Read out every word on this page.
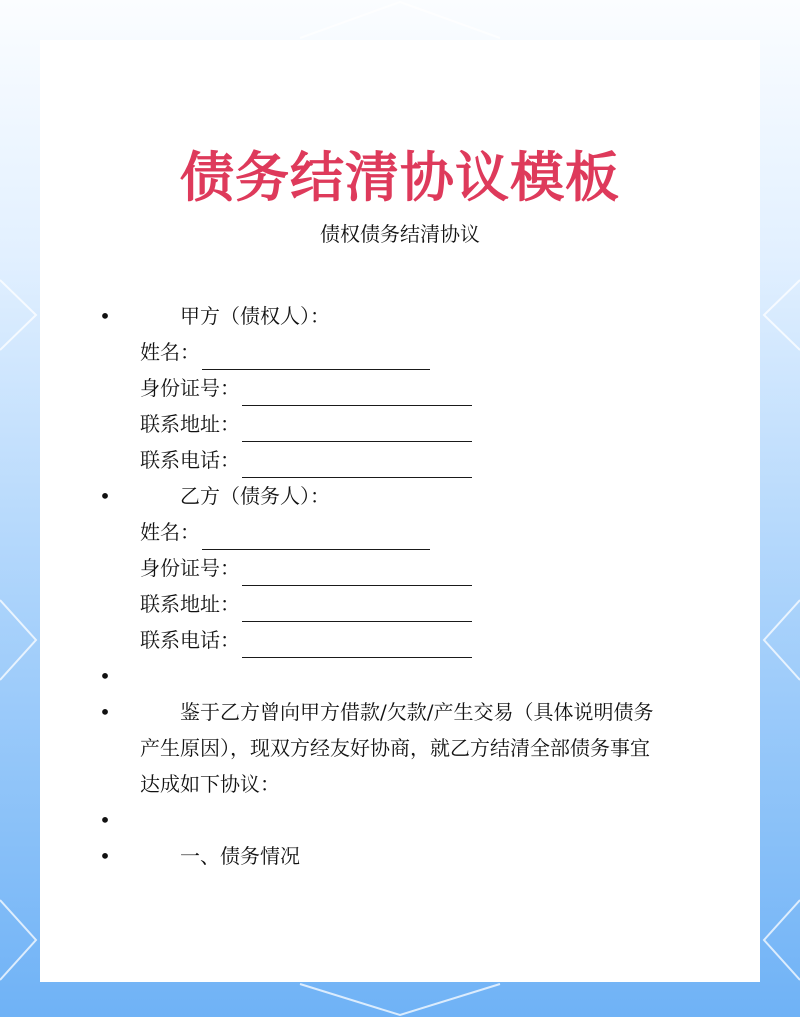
债务结清协议模板

债权债务结清协议

•	甲方（债权人）：
姓名：
身份证号：
联系地址：
联系电话：
•	乙方（债务人）：
姓名：
身份证号：
联系地址：
联系电话：
•
•	鉴于乙方曾向甲方借款/欠款/产生交易（具体说明债务产生原因），现双方经友好协商，就乙方结清全部债务事宜达成如下协议：
•
•	一、债务情况
